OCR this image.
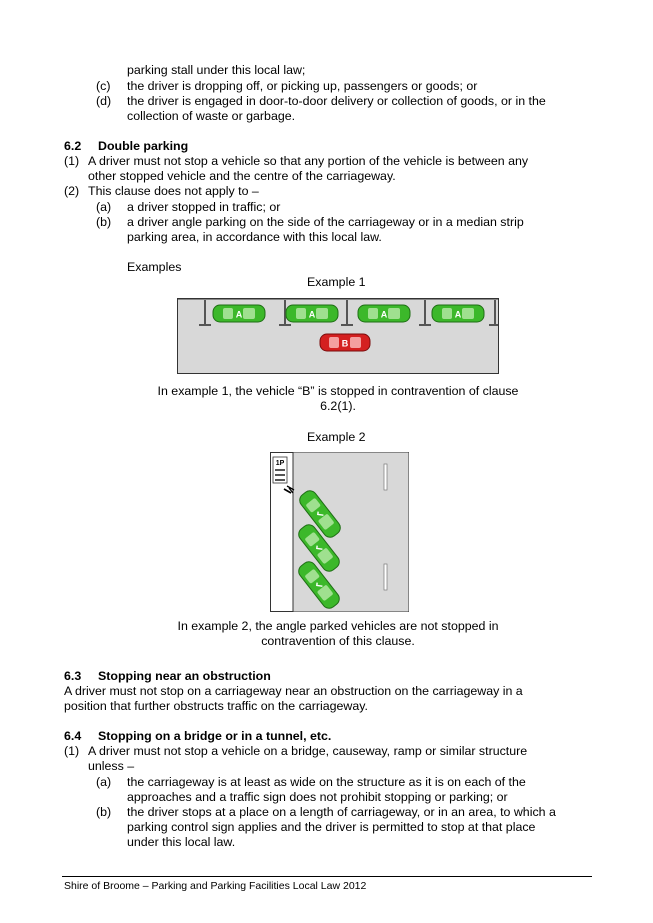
parking stall under this local law;
(c) the driver is dropping off, or picking up, passengers or goods; or
(d) the driver is engaged in door-to-door delivery or collection of goods, or in the
collection of waste or garbage.
6.2 Double parking
(1) A driver must not stop a vehicle so that any portion of the vehicle is between any
other stopped vehicle and the centre of the carriageway.
(2) This clause does not apply to –
(a) a driver stopped in traffic; or
(b) a driver angle parking on the side of the carriageway or in a median strip
parking area, in accordance with this local law.
Examples
Example 1
A	A	A	A
B
In example 1, the vehicle “B” is stopped in contravention of clause
6.2(1).
Example 2
1P
In example 2, the angle parked vehicles are not stopped in
contravention of this clause.
6.3 Stopping near an obstruction
A driver must not stop on a carriageway near an obstruction on the carriageway in a
position that further obstructs traffic on the carriageway.
6.4 Stopping on a bridge or in a tunnel, etc.
(1) A driver must not stop a vehicle on a bridge, causeway, ramp or similar structure
unless –
(a) the carriageway is at least as wide on the structure as it is on each of the
approaches and a traffic sign does not prohibit stopping or parking; or
(b) the driver stops at a place on a length of carriageway, or in an area, to which a
parking control sign applies and the driver is permitted to stop at that place
under this local law.
Shire of Broome – Parking and Parking Facilities Local Law 2012
